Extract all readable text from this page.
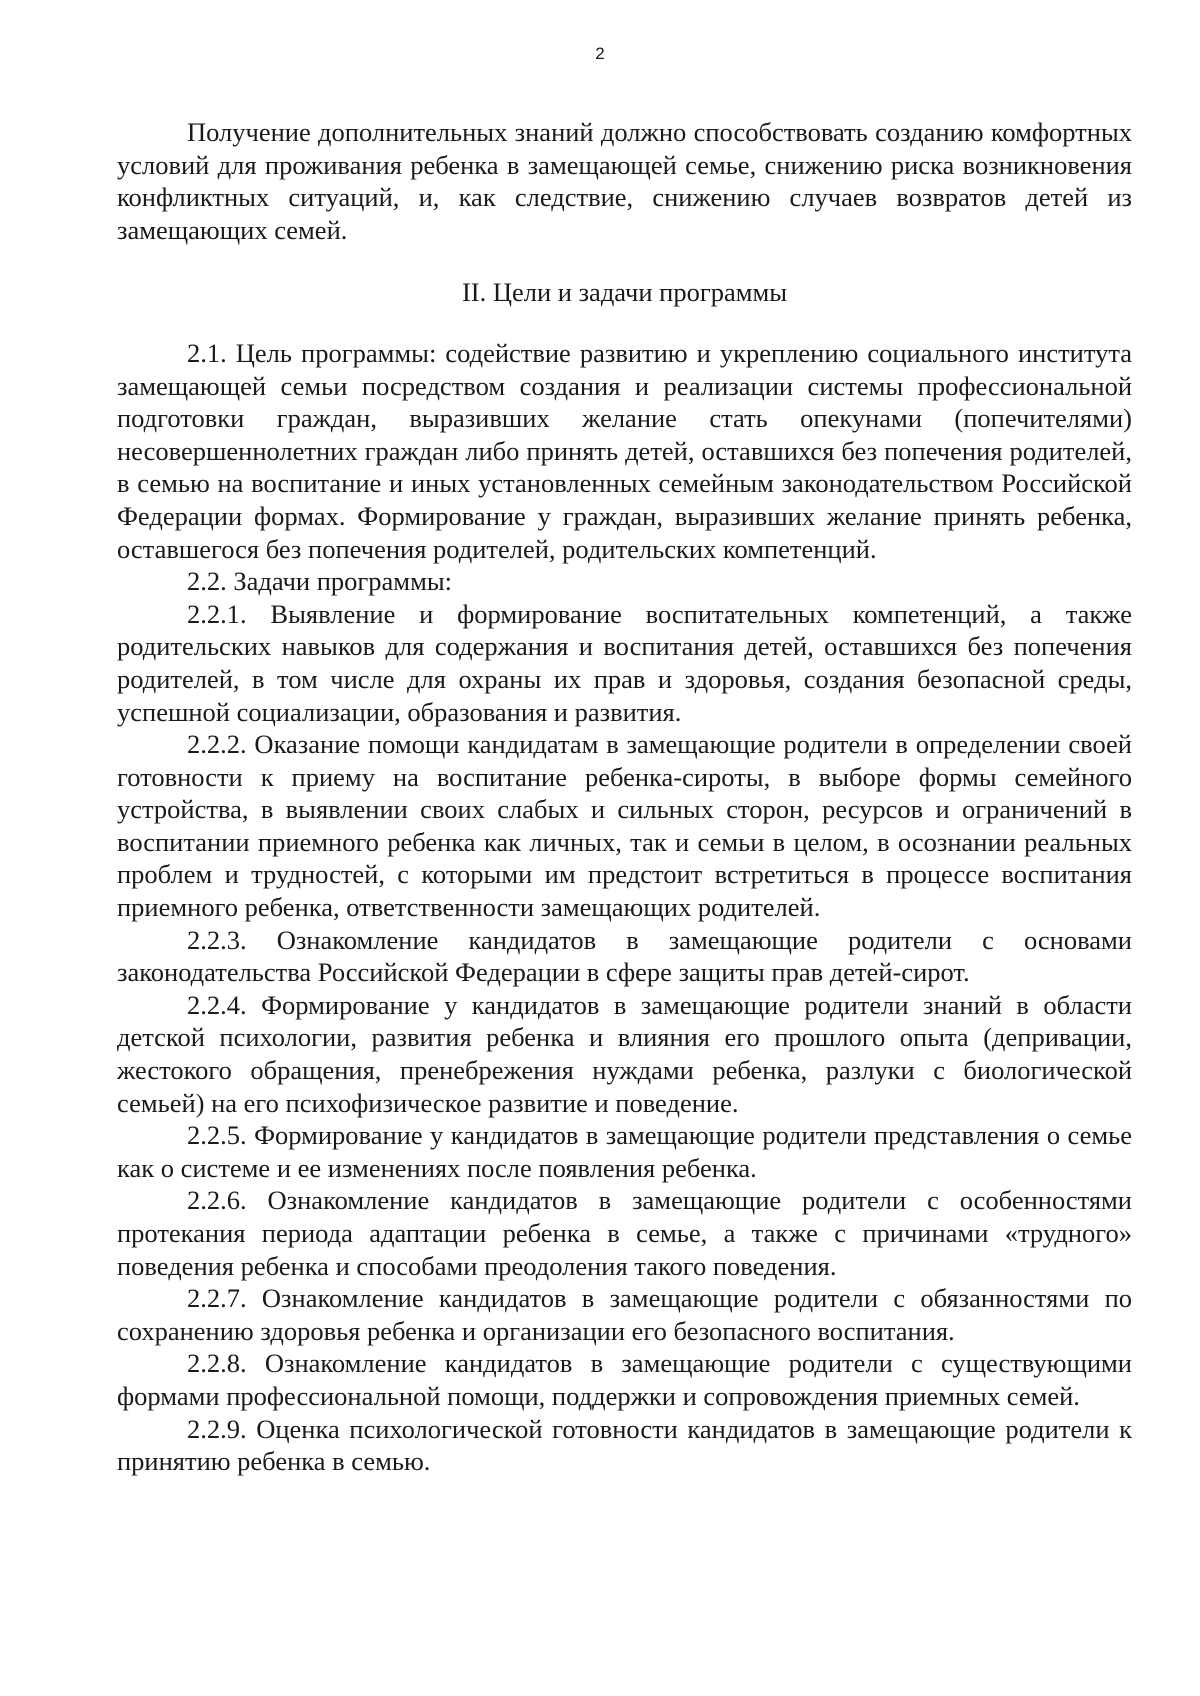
2

Получение дополнительных знаний должно способствовать созданию комфортных условий для проживания ребенка в замещающей семье, снижению риска возникновения конфликтных ситуаций, и, как следствие, снижению случаев возвратов детей из замещающих семей.

II. Цели и задачи программы

2.1. Цель программы: содействие развитию и укреплению социального института замещающей семьи посредством создания и реализации системы профессиональной подготовки граждан, выразивших желание стать опекунами (попечителями) несовершеннолетних граждан либо принять детей, оставшихся без попечения родителей, в семью на воспитание и иных установленных семейным законодательством Российской Федерации формах. Формирование у граждан, выразивших желание принять ребенка, оставшегося без попечения родителей, родительских компетенций.

2.2. Задачи программы:

2.2.1. Выявление и формирование воспитательных компетенций, а также родительских навыков для содержания и воспитания детей, оставшихся без попечения родителей, в том числе для охраны их прав и здоровья, создания безопасной среды, успешной социализации, образования и развития.

2.2.2. Оказание помощи кандидатам в замещающие родители в определении своей готовности к приему на воспитание ребенка-сироты, в выборе формы семейного устройства, в выявлении своих слабых и сильных сторон, ресурсов и ограничений в воспитании приемного ребенка как личных, так и семьи в целом, в осознании реальных проблем и трудностей, с которыми им предстоит встретиться в процессе воспитания приемного ребенка, ответственности замещающих родителей.

2.2.3. Ознакомление кандидатов в замещающие родители с основами законодательства Российской Федерации в сфере защиты прав детей-сирот.

2.2.4. Формирование у кандидатов в замещающие родители знаний в области детской психологии, развития ребенка и влияния его прошлого опыта (депривации, жестокого обращения, пренебрежения нуждами ребенка, разлуки с биологической семьей) на его психофизическое развитие и поведение.

2.2.5. Формирование у кандидатов в замещающие родители представления о семье как о системе и ее изменениях после появления ребенка.

2.2.6. Ознакомление кандидатов в замещающие родители с особенностями протекания периода адаптации ребенка в семье, а также с причинами «трудного» поведения ребенка и способами преодоления такого поведения.

2.2.7. Ознакомление кандидатов в замещающие родители с обязанностями по сохранению здоровья ребенка и организации его безопасного воспитания.

2.2.8. Ознакомление кандидатов в замещающие родители с существующими формами профессиональной помощи, поддержки и сопровождения приемных семей.

2.2.9. Оценка психологической готовности кандидатов в замещающие родители к принятию ребенка в семью.
